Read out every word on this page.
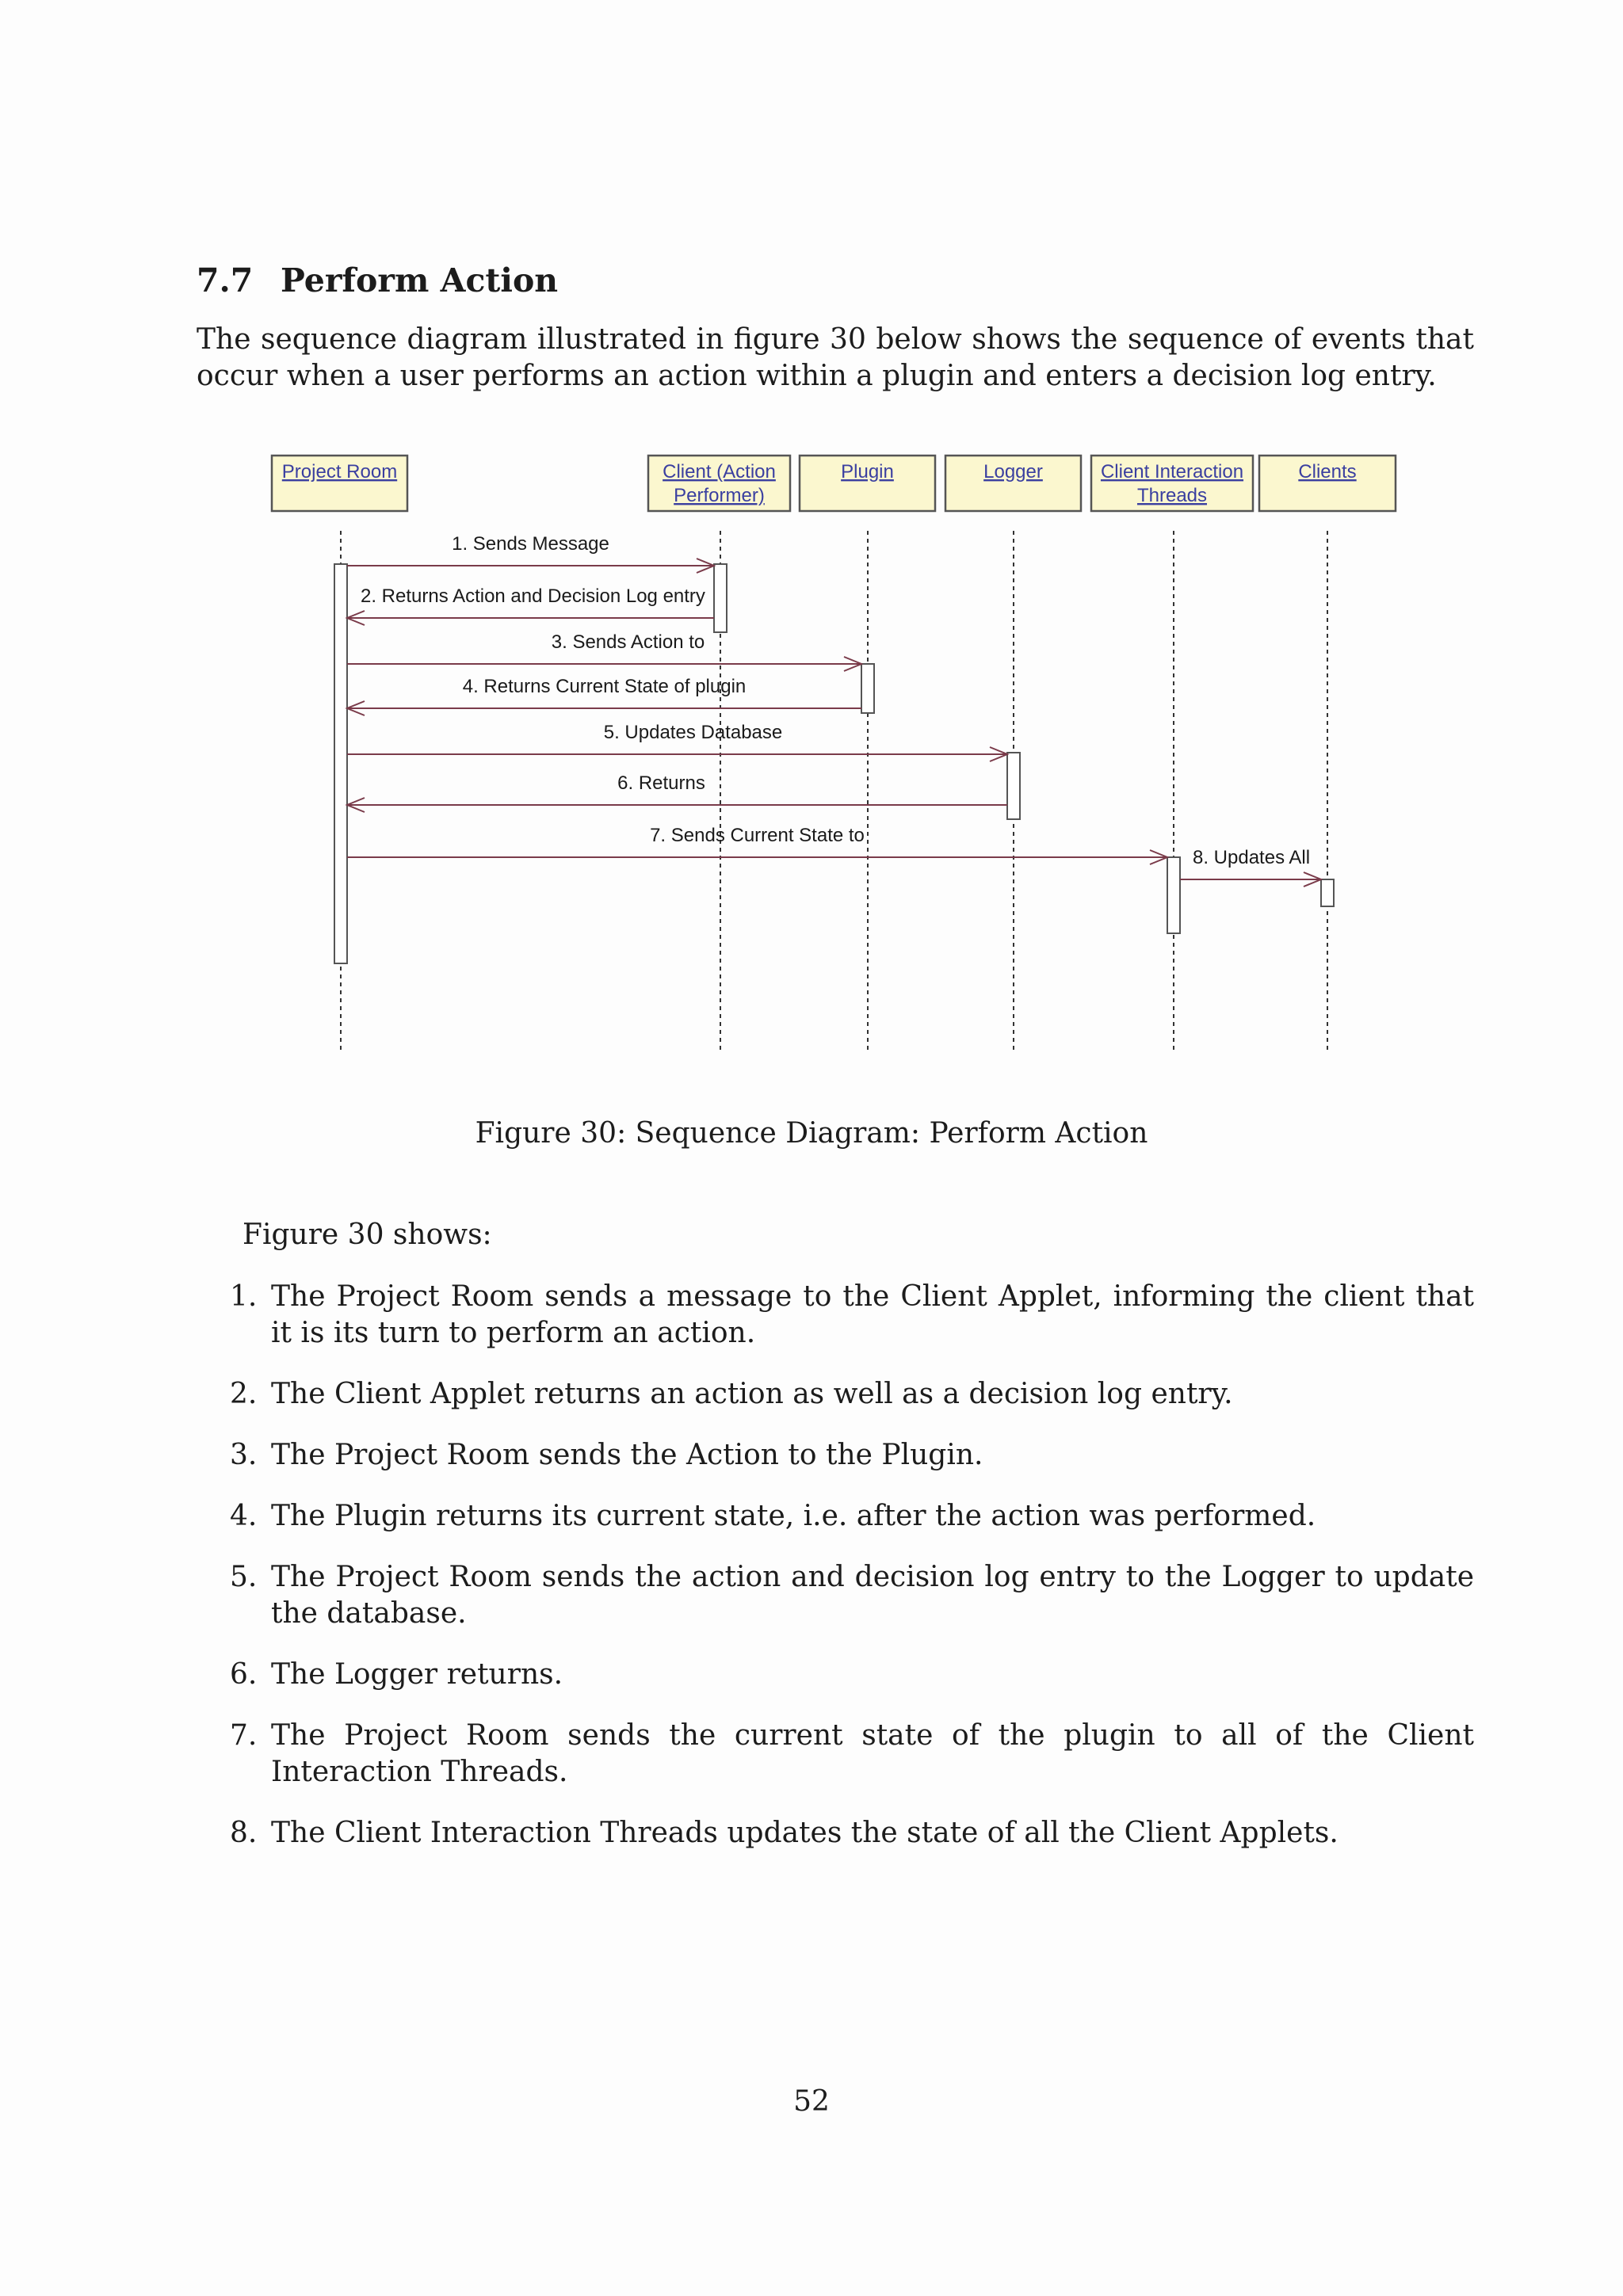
7.7 Perform Action
The sequence diagram illustrated in figure 30 below shows the sequence of events that occur when a user performs an action within a plugin and enters a decision log entry.
Project Room	Client (Action
Performer)
Plugin	Logger	Client Interaction
Threads
Clients
1. Sends Message
2. Returns Action and Decision Log entry
3. Sends Action to
4. Returns Current State of plugin
5. Updates Database
6. Returns
7. Sends Current State to
8. Updates All
Figure 30: Sequence Diagram: Perform Action
Figure 30 shows:
1. The Project Room sends a message to the Client Applet, informing the client that it is its turn to perform an action.
2. The Client Applet returns an action as well as a decision log entry.
3. The Project Room sends the Action to the Plugin.
4. The Plugin returns its current state, i.e. after the action was performed.
5. The Project Room sends the action and decision log entry to the Logger to update the database.
6. The Logger returns.
7. The Project Room sends the current state of the plugin to all of the Client Interaction Threads.
8. The Client Interaction Threads updates the state of all the Client Applets.
52
